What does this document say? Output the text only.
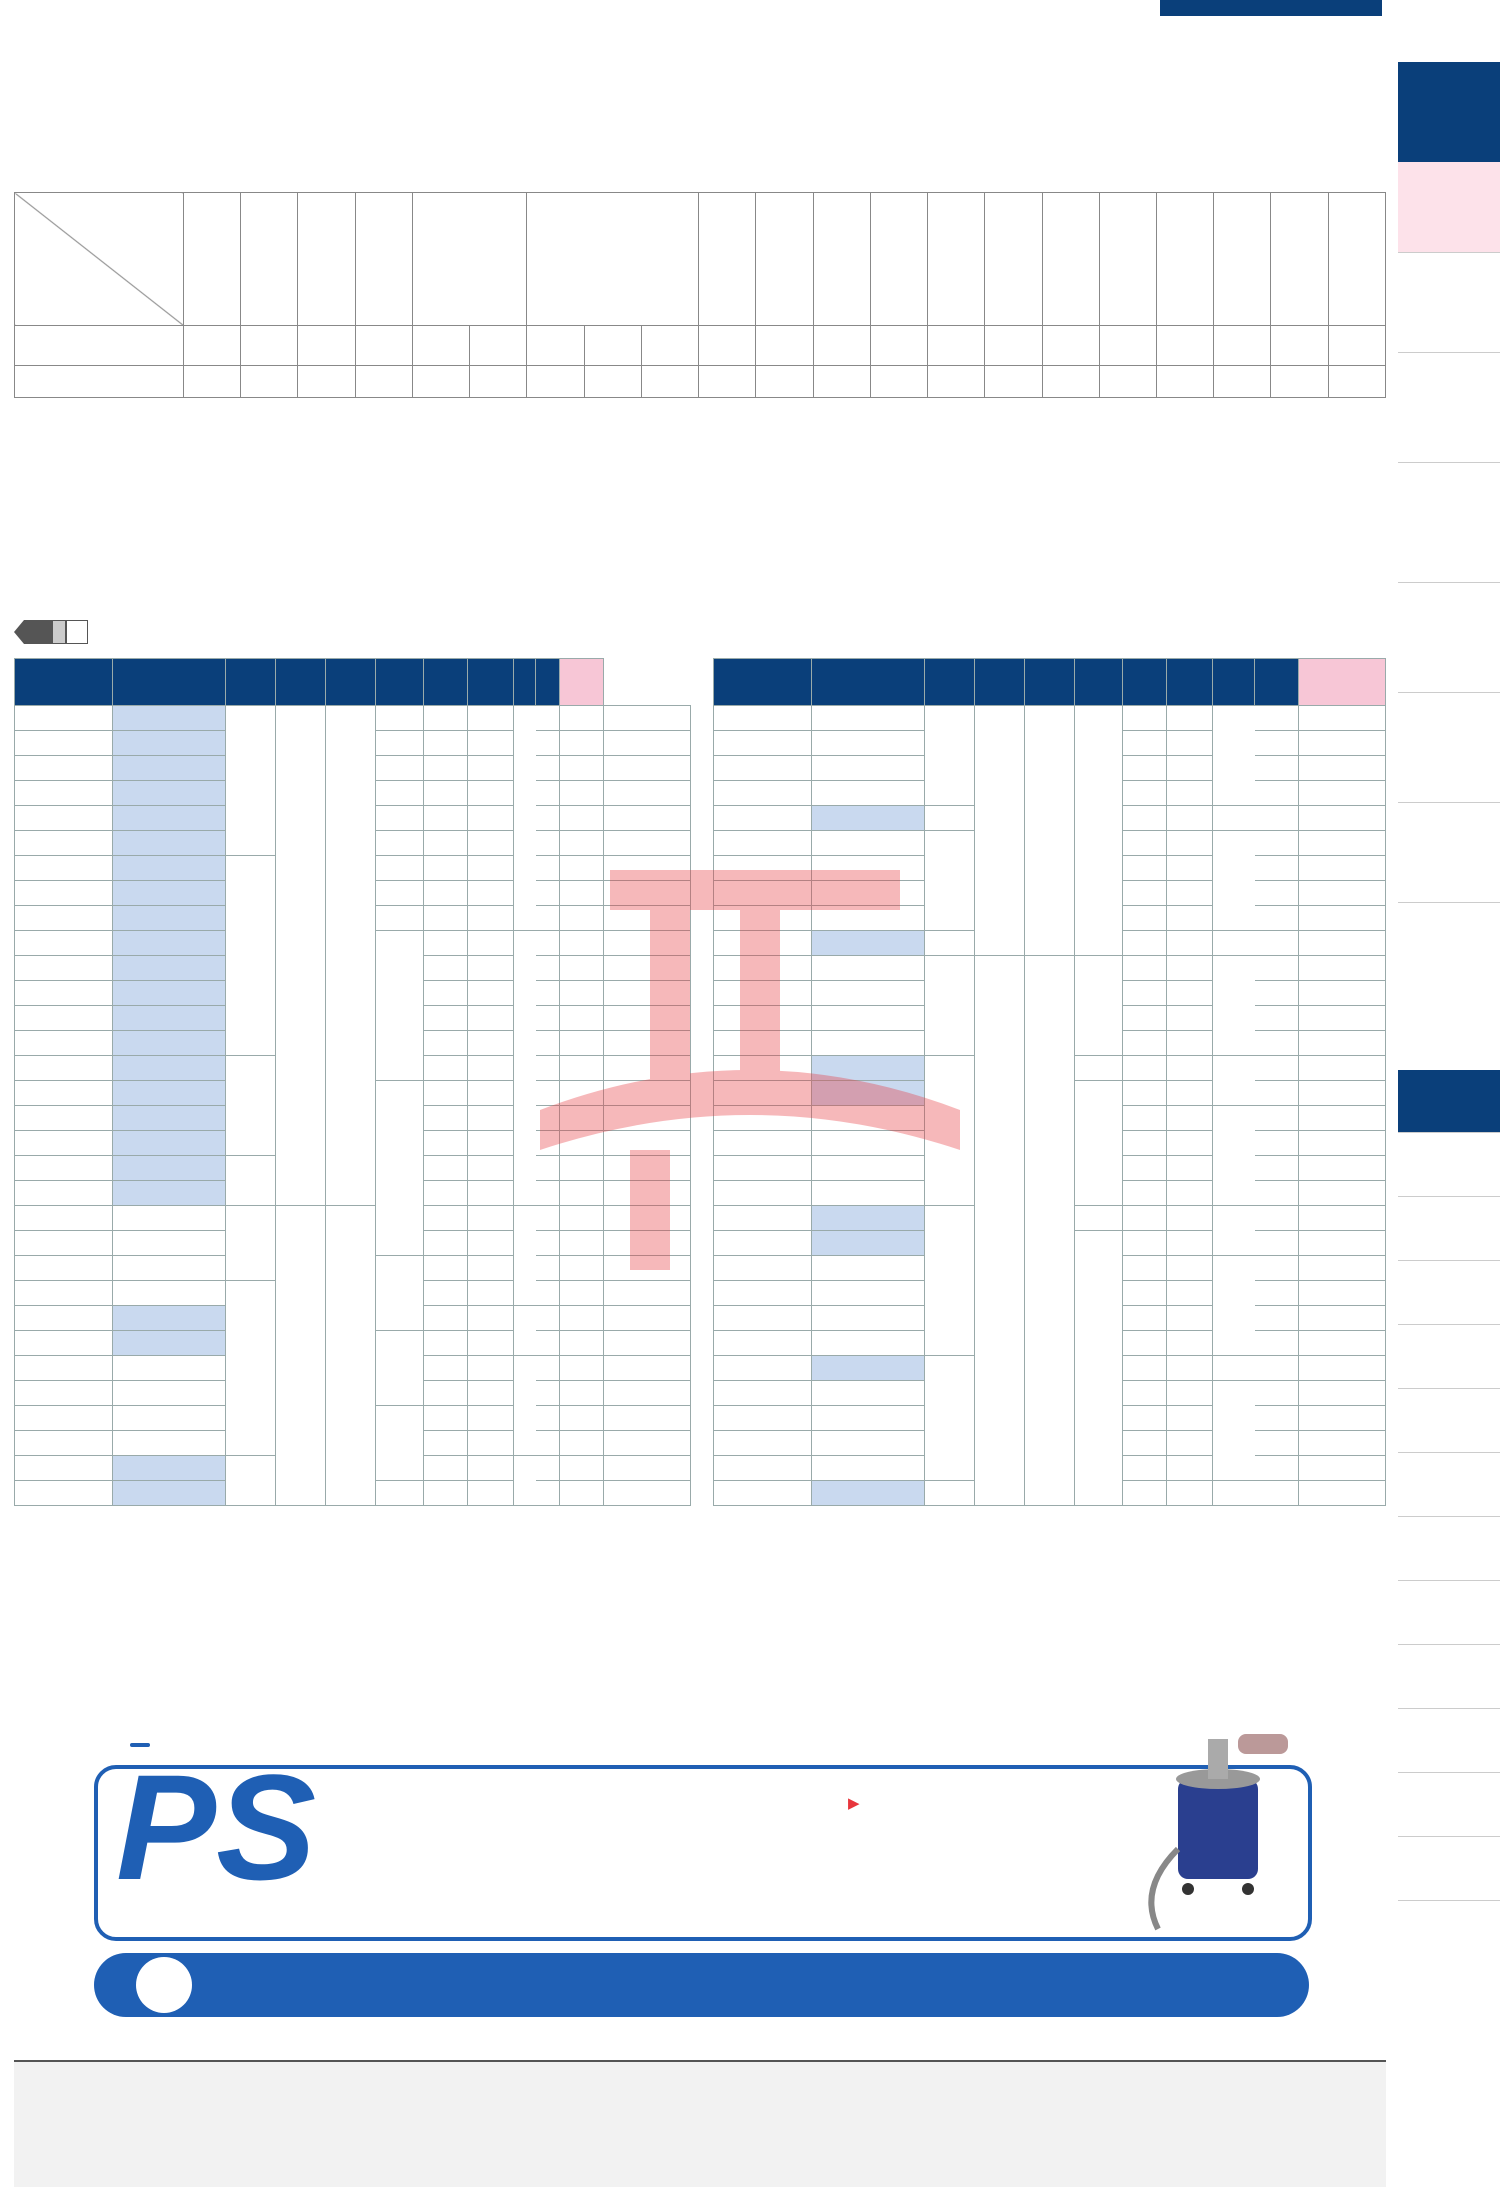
PS	▶
